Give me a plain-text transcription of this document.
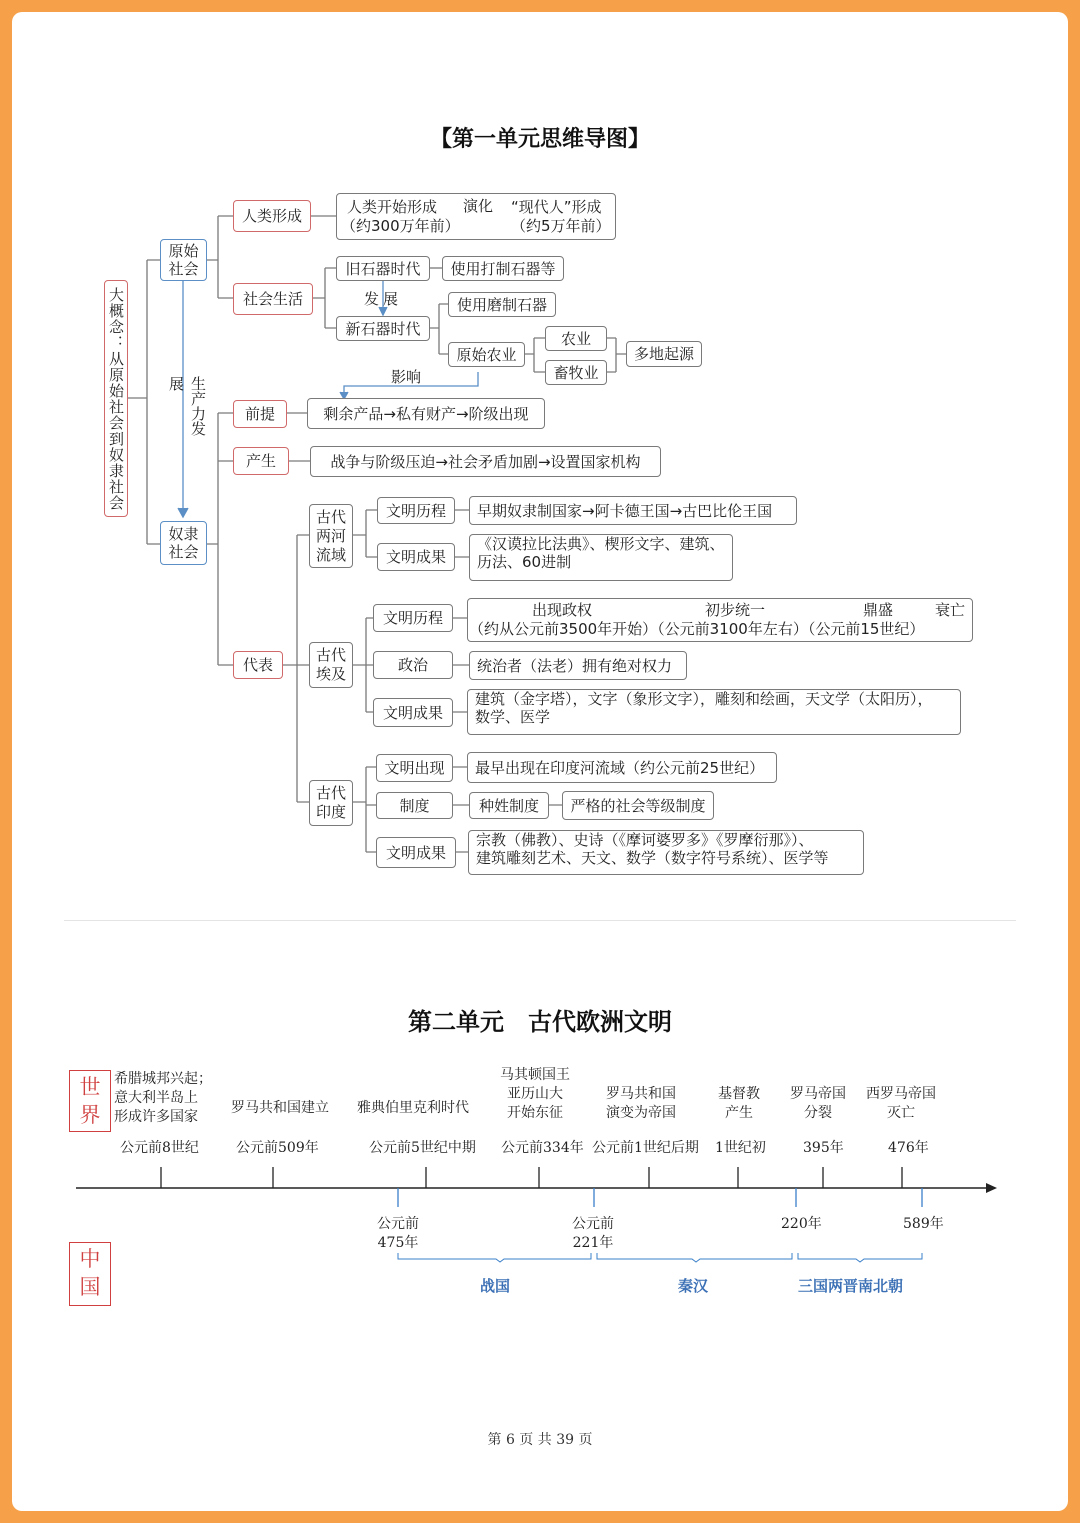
【第一单元思维导图】
大概念：从原始社会到奴隶社会
原始社会
奴隶社会
生产力发展
人类形成	人类开始形成
（约300万年前）
演化 “现代人”形成
（约5万年前）
社会生活
旧石器时代	使用打制石器等
发展
新石器时代
使用磨制石器
原始农业
农业
畜牧业
多地起源
影响
前提	剩余产品→私有财产→阶级出现
产生	战争与阶级压迫→社会矛盾加剧→设置国家机构
代表
古代两河流域
文明历程	早期奴隶制国家→阿卡德王国→古巴比伦王国
文明成果
《汉谟拉比法典》、楔形文字、建筑、
历法、60进制
古代埃及
文明历程	出现政权	初步统一	鼎盛	衰亡
（约从公元前3500年开始）（公元前3100年左右）（公元前15世纪）
政治	统治者（法老）拥有绝对权力
文明成果
建筑（金字塔），文字（象形文字），雕刻和绘画，天文学（太阳历），
数学、医学
古代印度
文明出现	最早出现在印度河流域（约公元前25世纪）
制度	种姓制度	严格的社会等级制度
文明成果
宗教（佛教）、史诗（《摩诃婆罗多》《罗摩衍那》）、
建筑雕刻艺术、天文、数学（数字符号系统）、医学等
第二单元　古代欧洲文明
世界
中国
希腊城邦兴起；
意大利半岛上
形成许多国家
公元前8世纪
罗马共和国建立
公元前509年
雅典伯里克利时代
公元前5世纪中期
马其顿国王
亚历山大
开始东征
公元前334年
罗马共和国
演变为帝国
公元前1世纪后期
基督教
产生
1世纪初
罗马帝国
分裂
395年
西罗马帝国
灭亡
476年
公元前
475年
公元前
221年
220年	589年
战国	秦汉	三国两晋南北朝
第 6 页 共 39 页
